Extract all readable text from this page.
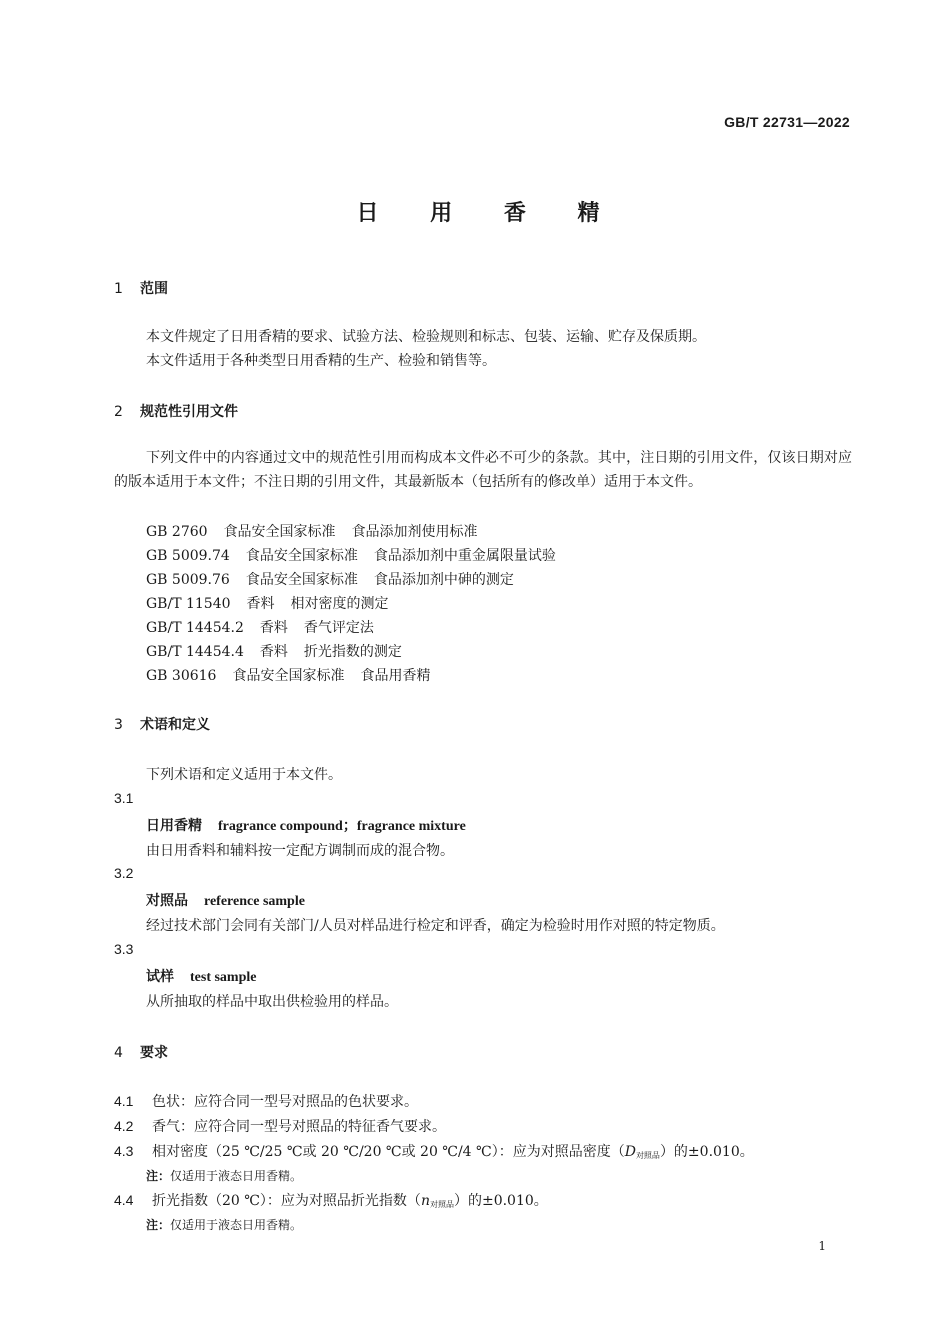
GB/T 22731—2022
日 用 香 精
1 范围
本文件规定了日用香精的要求、试验方法、检验规则和标志、包装、运输、贮存及保质期。
本文件适用于各种类型日用香精的生产、检验和销售等。
2 规范性引用文件
下列文件中的内容通过文中的规范性引用而构成本文件必不可少的条款。其中，注日期的引用文件，仅该日期对应的版本适用于本文件；不注日期的引用文件，其最新版本（包括所有的修改单）适用于本文件。
GB 2760 食品安全国家标准 食品添加剂使用标准
GB 5009.74 食品安全国家标准 食品添加剂中重金属限量试验
GB 5009.76 食品安全国家标准 食品添加剂中砷的测定
GB/T 11540 香料 相对密度的测定
GB/T 14454.2 香料 香气评定法
GB/T 14454.4 香料 折光指数的测定
GB 30616 食品安全国家标准 食品用香精
3 术语和定义
下列术语和定义适用于本文件。
3.1
日用香精 fragrance compound；fragrance mixture
由日用香料和辅料按一定配方调制而成的混合物。
3.2
对照品 reference sample
经过技术部门会同有关部门/人员对样品进行检定和评香，确定为检验时用作对照的特定物质。
3.3
试样 test sample
从所抽取的样品中取出供检验用的样品。
4 要求
4.1 色状：应符合同一型号对照品的色状要求。
4.2 香气：应符合同一型号对照品的特征香气要求。
4.3 相对密度（25 ℃/25 ℃或 20 ℃/20 ℃或 20 ℃/4 ℃）：应为对照品密度$(D_{对照品})$的±0.010。
注：仅适用于液态日用香精。
4.4 折光指数（20 ℃）：应为对照品折光指数$(n_{对照品})$的±0.010。
注：仅适用于液态日用香精。
1
